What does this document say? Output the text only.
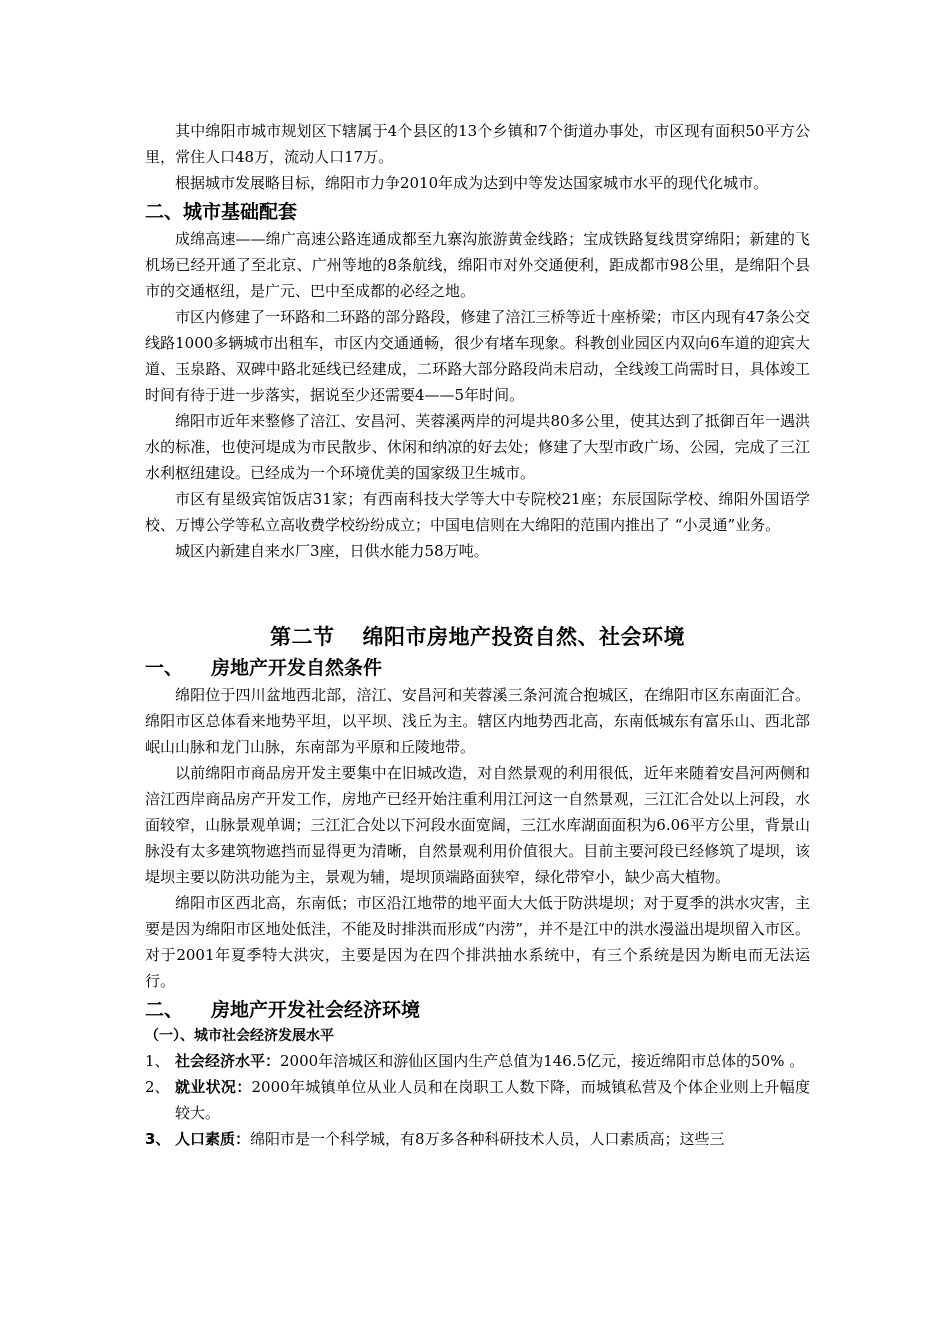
其中绵阳市城市规划区下辖属于4个县区的13个乡镇和7个街道办事处，市区现有面积50平方公里，常住人口48万，流动人口17万。

根据城市发展略目标，绵阳市力争2010年成为达到中等发达国家城市水平的现代化城市。

二、城市基础配套

成绵高速——绵广高速公路连通成都至九寨沟旅游黄金线路；宝成铁路复线贯穿绵阳；新建的飞机场已经开通了至北京、广州等地的8条航线，绵阳市对外交通便利，距成都市98公里，是绵阳个县市的交通枢纽，是广元、巴中至成都的必经之地。

市区内修建了一环路和二环路的部分路段，修建了涪江三桥等近十座桥梁；市区内现有47条公交线路1000多辆城市出租车，市区内交通通畅，很少有堵车现象。科教创业园区内双向6车道的迎宾大道、玉泉路、双碑中路北延线已经建成，二环路大部分路段尚未启动，全线竣工尚需时日，具体竣工时间有待于进一步落实，据说至少还需要4——5年时间。

绵阳市近年来整修了涪江、安昌河、芙蓉溪两岸的河堤共80多公里，使其达到了抵御百年一遇洪水的标准，也使河堤成为市民散步、休闲和纳凉的好去处；修建了大型市政广场、公园，完成了三江水利枢纽建设。已经成为一个环境优美的国家级卫生城市。

市区有星级宾馆饭店31家；有西南科技大学等大中专院校21座；东辰国际学校、绵阳外国语学校、万博公学等私立高收费学校纷纷成立；中国电信则在大绵阳的范围内推出了 “小灵通”业务。

城区内新建自来水厂3座，日供水能力58万吨。

第二节 绵阳市房地产投资自然、社会环境
一、 房地产开发自然条件

绵阳位于四川盆地西北部，涪江、安昌河和芙蓉溪三条河流合抱城区，在绵阳市区东南面汇合。绵阳市区总体看来地势平坦，以平坝、浅丘为主。辖区内地势西北高，东南低城东有富乐山、西北部岷山山脉和龙门山脉，东南部为平原和丘陵地带。

以前绵阳市商品房开发主要集中在旧城改造，对自然景观的利用很低，近年来随着安昌河两侧和涪江西岸商品房产开发工作，房地产已经开始注重利用江河这一自然景观，三江汇合处以上河段，水面较窄，山脉景观单调；三江汇合处以下河段水面宽阔，三江水库湖面面积为6.06平方公里，背景山脉没有太多建筑物遮挡而显得更为清晰，自然景观利用价值很大。目前主要河段已经修筑了堤坝，该堤坝主要以防洪功能为主，景观为辅，堤坝顶端路面狭窄，绿化带窄小，缺少高大植物。

绵阳市区西北高，东南低；市区沿江地带的地平面大大低于防洪堤坝；对于夏季的洪水灾害，主要是因为绵阳市区地处低洼，不能及时排洪而形成“内涝”，并不是江中的洪水漫溢出堤坝留入市区。对于2001年夏季特大洪灾，主要是因为在四个排洪抽水系统中，有三个系统是因为断电而无法运行。

二、 房地产开发社会经济环境
（一）、城市社会经济发展水平
1、 社会经济水平：2000年涪城区和游仙区国内生产总值为146.5亿元，接近绵阳市总体的50% 。
2、 就业状况：2000年城镇单位从业人员和在岗职工人数下降，而城镇私营及个体企业则上升幅度较大。
3、 人口素质：绵阳市是一个科学城，有8万多各种科研技术人员，人口素质高；这些三
